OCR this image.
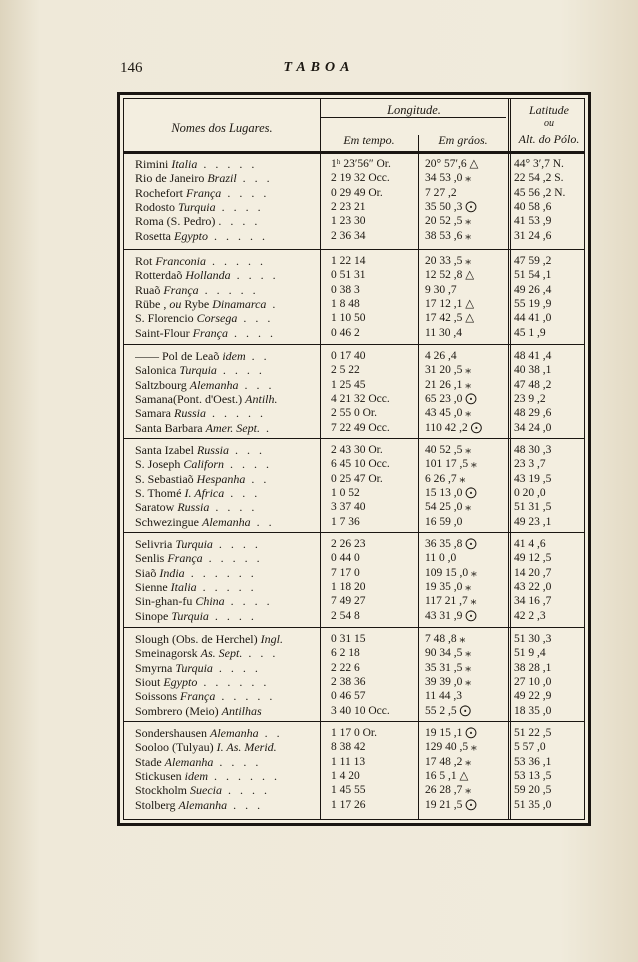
146	TABOA
Nomes dos Lugares.
Longitude.
Em tempo.	Em gráos.
Latitude
ou
Alt. do Pólo.
Rimini Italia . . . . .	1ʰ 23′56″ Or.	20° 57′,6 △	44° 3′,7 N.
Rio de Janeiro Brazil . . .	2 19 32 Occ.	34 53 ,0 ⁎	22 54 ,2 S.
Rochefort França . . . .	0 29 49 Or.	7 27 ,2	45 56 ,2 N.
Rodosto Turquia . . . .	2 23 21	35 50 ,3 ⨀	40 58 ,6
Roma (S. Pedro) . . . .	1 23 30	20 52 ,5 ⁎	41 53 ,9
Rosetta Egypto . . . . .	2 36 34	38 53 ,6 ⁎	31 24 ,6
Rot Franconia . . . . .	1 22 14	20 33 ,5 ⁎	47 59 ,2
Rotterdaõ Hollanda . . . .	0 51 31	12 52 ,8 △	51 54 ,1
Ruaõ França . . . . .	0 38 3	9 30 ,7	49 26 ,4
Rübe , ou Rybe Dinamarca .	1 8 48	17 12 ,1 △	55 19 ,9
S. Florencio Corsega . . .	1 10 50	17 42 ,5 △	44 41 ,0
Saint-Flour França . . . .	0 46 2	11 30 ,4	45 1 ,9
—— Pol de Leaõ idem . .	0 17 40	4 26 ,4	48 41 ,4
Salonica Turquia . . . .	2 5 22	31 20 ,5 ⁎	40 38 ,1
Saltzbourg Alemanha . . .	1 25 45	21 26 ,1 ⁎	47 48 ,2
Samana(Pont. d'Oest.) Antilh.	4 21 32 Occ.	65 23 ,0 ⨀	23 9 ,2
Samara Russia . . . . .	2 55 0 Or.	43 45 ,0 ⁎	48 29 ,6
Santa Barbara Amer. Sept. .	7 22 49 Occ.	110 42 ,2 ⨀	34 24 ,0
Santa Izabel Russia . . .	2 43 30 Or.	40 52 ,5 ⁎	48 30 ,3
S. Joseph Californ . . . .	6 45 10 Occ.	101 17 ,5 ⁎	23 3 ,7
S. Sebastiaõ Hespanha . .	0 25 47 Or.	6 26 ,7 ⁎	43 19 ,5
S. Thomé I. Africa . . .	1 0 52	15 13 ,0 ⨀	0 20 ,0
Saratow Russia . . . .	3 37 40	54 25 ,0 ⁎	51 31 ,5
Schwezingue Alemanha . .	1 7 36	16 59 ,0	49 23 ,1
Selivria Turquia . . . .	2 26 23	36 35 ,8 ⨀	41 4 ,6
Senlis França . . . . .	0 44 0	11 0 ,0	49 12 ,5
Siaõ India . . . . . .	7 17 0	109 15 ,0 ⁎	14 20 ,7
Sienne Italia . . . . .	1 18 20	19 35 ,0 ⁎	43 22 ,0
Sin-ghan-fu China . . . .	7 49 27	117 21 ,7 ⁎	34 16 ,7
Sinope Turquia . . . .	2 54 8	43 31 ,9 ⨀	42 2 ,3
Slough (Obs. de Herchel) Ingl.	0 31 15	7 48 ,8 ⁎	51 30 ,3
Smeinagorsk As. Sept. . . .	6 2 18	90 34 ,5 ⁎	51 9 ,4
Smyrna Turquia . . . .	2 22 6	35 31 ,5 ⁎	38 28 ,1
Siout Egypto . . . . . .	2 38 36	39 39 ,0 ⁎	27 10 ,0
Soissons França . . . . .	0 46 57	11 44 ,3	49 22 ,9
Sombrero (Meio) Antilhas	3 40 10 Occ.	55 2 ,5 ⨀	18 35 ,0
Sondershausen Alemanha . .	1 17 0 Or.	19 15 ,1 ⨀	51 22 ,5
Sooloo (Tulyau) I. As. Merid.	8 38 42	129 40 ,5 ⁎	5 57 ,0
Stade Alemanha . . . .	1 11 13	17 48 ,2 ⁎	53 36 ,1
Stickusen idem . . . . . .	1 4 20	16 5 ,1 △	53 13 ,5
Stockholm Suecia . . . .	1 45 55	26 28 ,7 ⁎	59 20 ,5
Stolberg Alemanha . . .	1 17 26	19 21 ,5 ⨀	51 35 ,0
